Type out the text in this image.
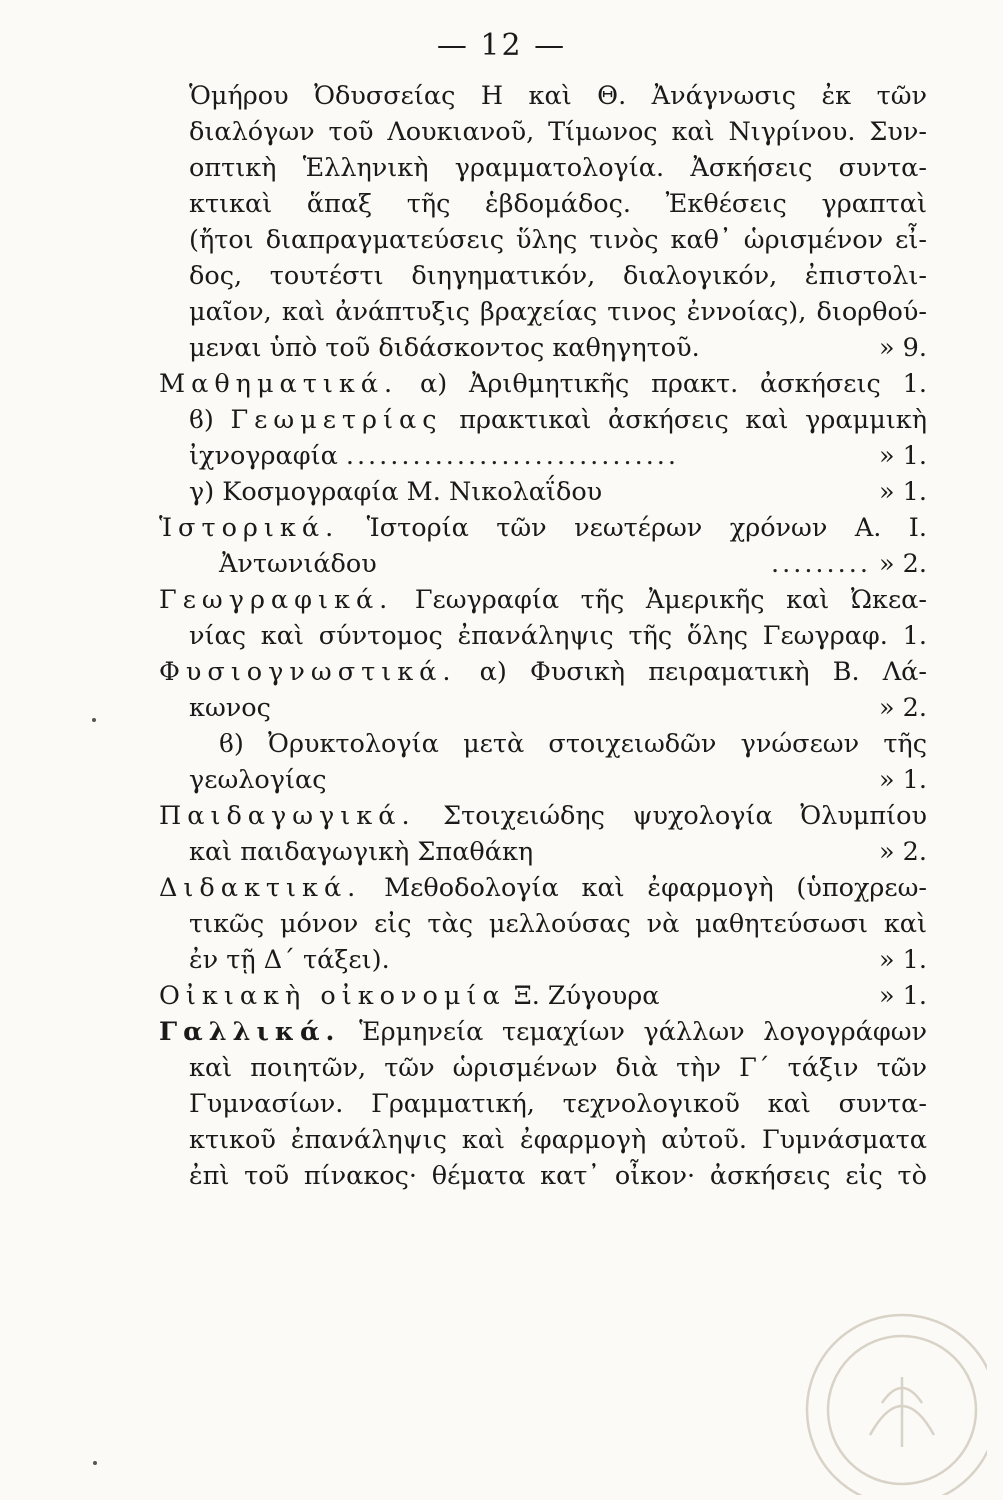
— 12 —
Ὁμήρου Ὀδυσσείας Η καὶ Θ. Ἀνάγνωσις ἐκ τῶν
διαλόγων τοῦ Λουκιανοῦ, Τίμωνος καὶ Νιγρίνου. Συν-
οπτικὴ Ἑλληνικὴ γραμματολογία. Ἀσκήσεις συντα-
κτικαὶ ἅπαξ τῆς ἑβδομάδος. Ἐκθέσεις γραπταὶ
(ἤτοι διαπραγματεύσεις ὕλης τινὸς καθ᾽ ὡρισμένον εἶ-
δος, τουτέστι διηγηματικόν, διαλογικόν, ἐπιστολι-
μαῖον, καὶ ἀνάπτυξις βραχείας τινος ἐννοίας), διορθού-
μεναι ὑπὸ τοῦ διδάσκοντος καθηγητοῦ.	» 9.
Μαθηματικά. α) Ἀριθμητικῆς πρακτ. ἀσκήσεις 1.
ϐ) Γεωμετρίας πρακτικαὶ ἀσκήσεις καὶ γραμμικὴ
ἰχνογραφία ..............................	» 1.
γ) Κοσμογραφία Μ. Νικολαΐδου	» 1.
Ἱστορικά. Ἱστορία τῶν νεωτέρων χρόνων Α. Ι.
Ἀντωνιάδου	......... » 2.
Γεωγραφικά. Γεωγραφία τῆς Ἀμερικῆς καὶ Ὠκεα-
νίας καὶ σύντομος ἐπανάληψις τῆς ὅλης Γεωγραφ. 1.
Φυσιογνωστικά. α) Φυσικὴ πειραματικὴ Β. Λά-
κωνος	» 2.
ϐ) Ὀρυκτολογία μετὰ στοιχειωδῶν γνώσεων τῆς
γεωλογίας	» 1.
Παιδαγωγικά. Στοιχειώδης ψυχολογία Ὀλυμπίου
καὶ παιδαγωγικὴ Σπαθάκη	» 2.
Διδακτικά. Μεθοδολογία καὶ ἐφαρμογὴ (ὑποχρεω-
τικῶς μόνον εἰς τὰς μελλούσας νὰ μαθητεύσωσι καὶ
ἐν τῇ Δ΄ τάξει).	» 1.
Οἰκιακὴ οἰκονομία Ξ. Ζύγουρα	» 1.
Γαλλικά. Ἑρμηνεία τεμαχίων γάλλων λογογράφων
καὶ ποιητῶν, τῶν ὡρισμένων διὰ τὴν Γ΄ τάξιν τῶν
Γυμνασίων. Γραμματική, τεχνολογικοῦ καὶ συντα-
κτικοῦ ἐπανάληψις καὶ ἐφαρμογὴ αὐτοῦ. Γυμνάσματα
ἐπὶ τοῦ πίνακος· θέματα κατ᾽ οἶκον· ἀσκήσεις εἰς τὸ
